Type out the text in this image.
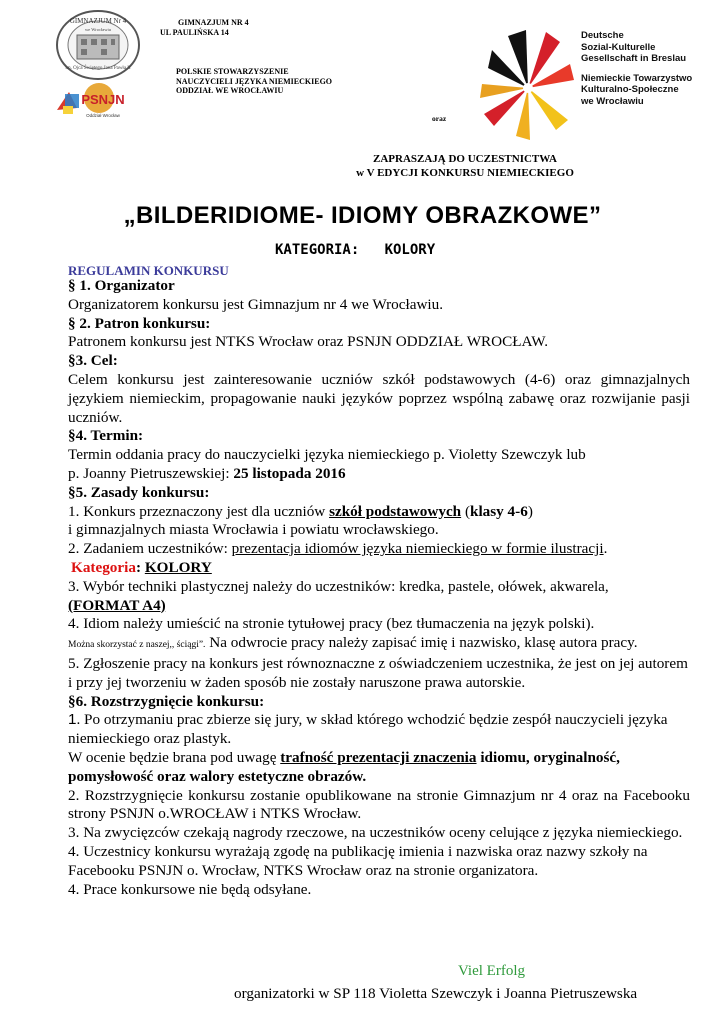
GIMNAZJUM NR 4
UL PAULIŃSKA 14
POLSKIE STOWARZYSZENIE
NAUCZYCIELI JĘZYKA NIEMIECKIEGO
ODDZIAŁ WE WROCŁAWIU
oraz
GIMNAZJUM Nr 4
we Wrocławiu
im. Ojca Świętego Jana Pawła II
PSNJN
Oddział Wrocław
Deutsche
Sozial-Kulturelle
Gesellschaft in Breslau
Niemieckie Towarzystwo
Kulturalno-Społeczne
we Wrocławiu
ZAPRASZAJĄ DO UCZESTNICTWA
w V EDYCJI KONKURSU NIEMIECKIEGO
„BILDERIDIOME- IDIOMY OBRAZKOWE”
KATEGORIA:   KOLORY
REGULAMIN KONKURSU

§ 1. Organizator

Organizatorem konkursu jest Gimnazjum nr 4 we Wrocławiu.

§ 2. Patron konkursu:

Patronem konkursu jest NTKS Wrocław oraz PSNJN ODDZIAŁ WROCŁAW.

§3. Cel:

Celem konkursu jest zainteresowanie uczniów szkół podstawowych (4-6) oraz gimnazjalnych językiem niemieckim, propagowanie nauki języków poprzez wspólną zabawę oraz rozwijanie pasji uczniów.

§4. Termin:

Termin oddania pracy do nauczycielki języka niemieckiego p. Violetty Szewczyk lub

p. Joanny Pietruszewskiej: 25 listopada 2016

§5. Zasady konkursu:

1. Konkurs przeznaczony jest dla uczniów szkół podstawowych (klasy 4-6)

i gimnazjalnych miasta Wrocławia i powiatu wrocławskiego.

2. Zadaniem uczestników: prezentacja idiomów języka niemieckiego w formie ilustracji.

Kategoria: KOLORY

3. Wybór techniki plastycznej należy do uczestników: kredka, pastele, ołówek, akwarela,

(FORMAT A4)

4. Idiom należy umieścić na stronie tytułowej pracy (bez tłumaczenia na język polski).

Można skorzystać z naszej,, ściągi”. Na odwrocie pracy należy zapisać imię i nazwisko, klasę autora pracy.

5. Zgłoszenie pracy na konkurs jest równoznaczne z oświadczeniem uczestnika, że jest on jej autorem i przy jej tworzeniu w żaden sposób nie zostały naruszone prawa autorskie.

§6. Rozstrzygnięcie konkursu:

1. Po otrzymaniu prac zbierze się jury, w skład którego wchodzić będzie zespół nauczycieli języka niemieckiego oraz plastyk.

W ocenie będzie brana pod uwagę trafność prezentacji znaczenia idiomu, oryginalność, pomysłowość oraz walory estetyczne obrazów.

2. Rozstrzygnięcie konkursu zostanie opublikowane na stronie Gimnazjum nr 4 oraz na Facebooku strony PSNJN o.WROCŁAW i NTKS Wrocław.

3. Na zwycięzców czekają nagrody rzeczowe, na uczestników oceny celujące z języka niemieckiego.

4. Uczestnicy konkursu wyrażają zgodę na publikację imienia i nazwiska oraz nazwy szkoły na Facebooku PSNJN o. Wrocław, NTKS Wrocław oraz na stronie organizatora.

4. Prace konkursowe nie będą odsyłane.

Viel Erfolg
organizatorki w SP 118 Violetta Szewczyk i Joanna Pietruszewska
